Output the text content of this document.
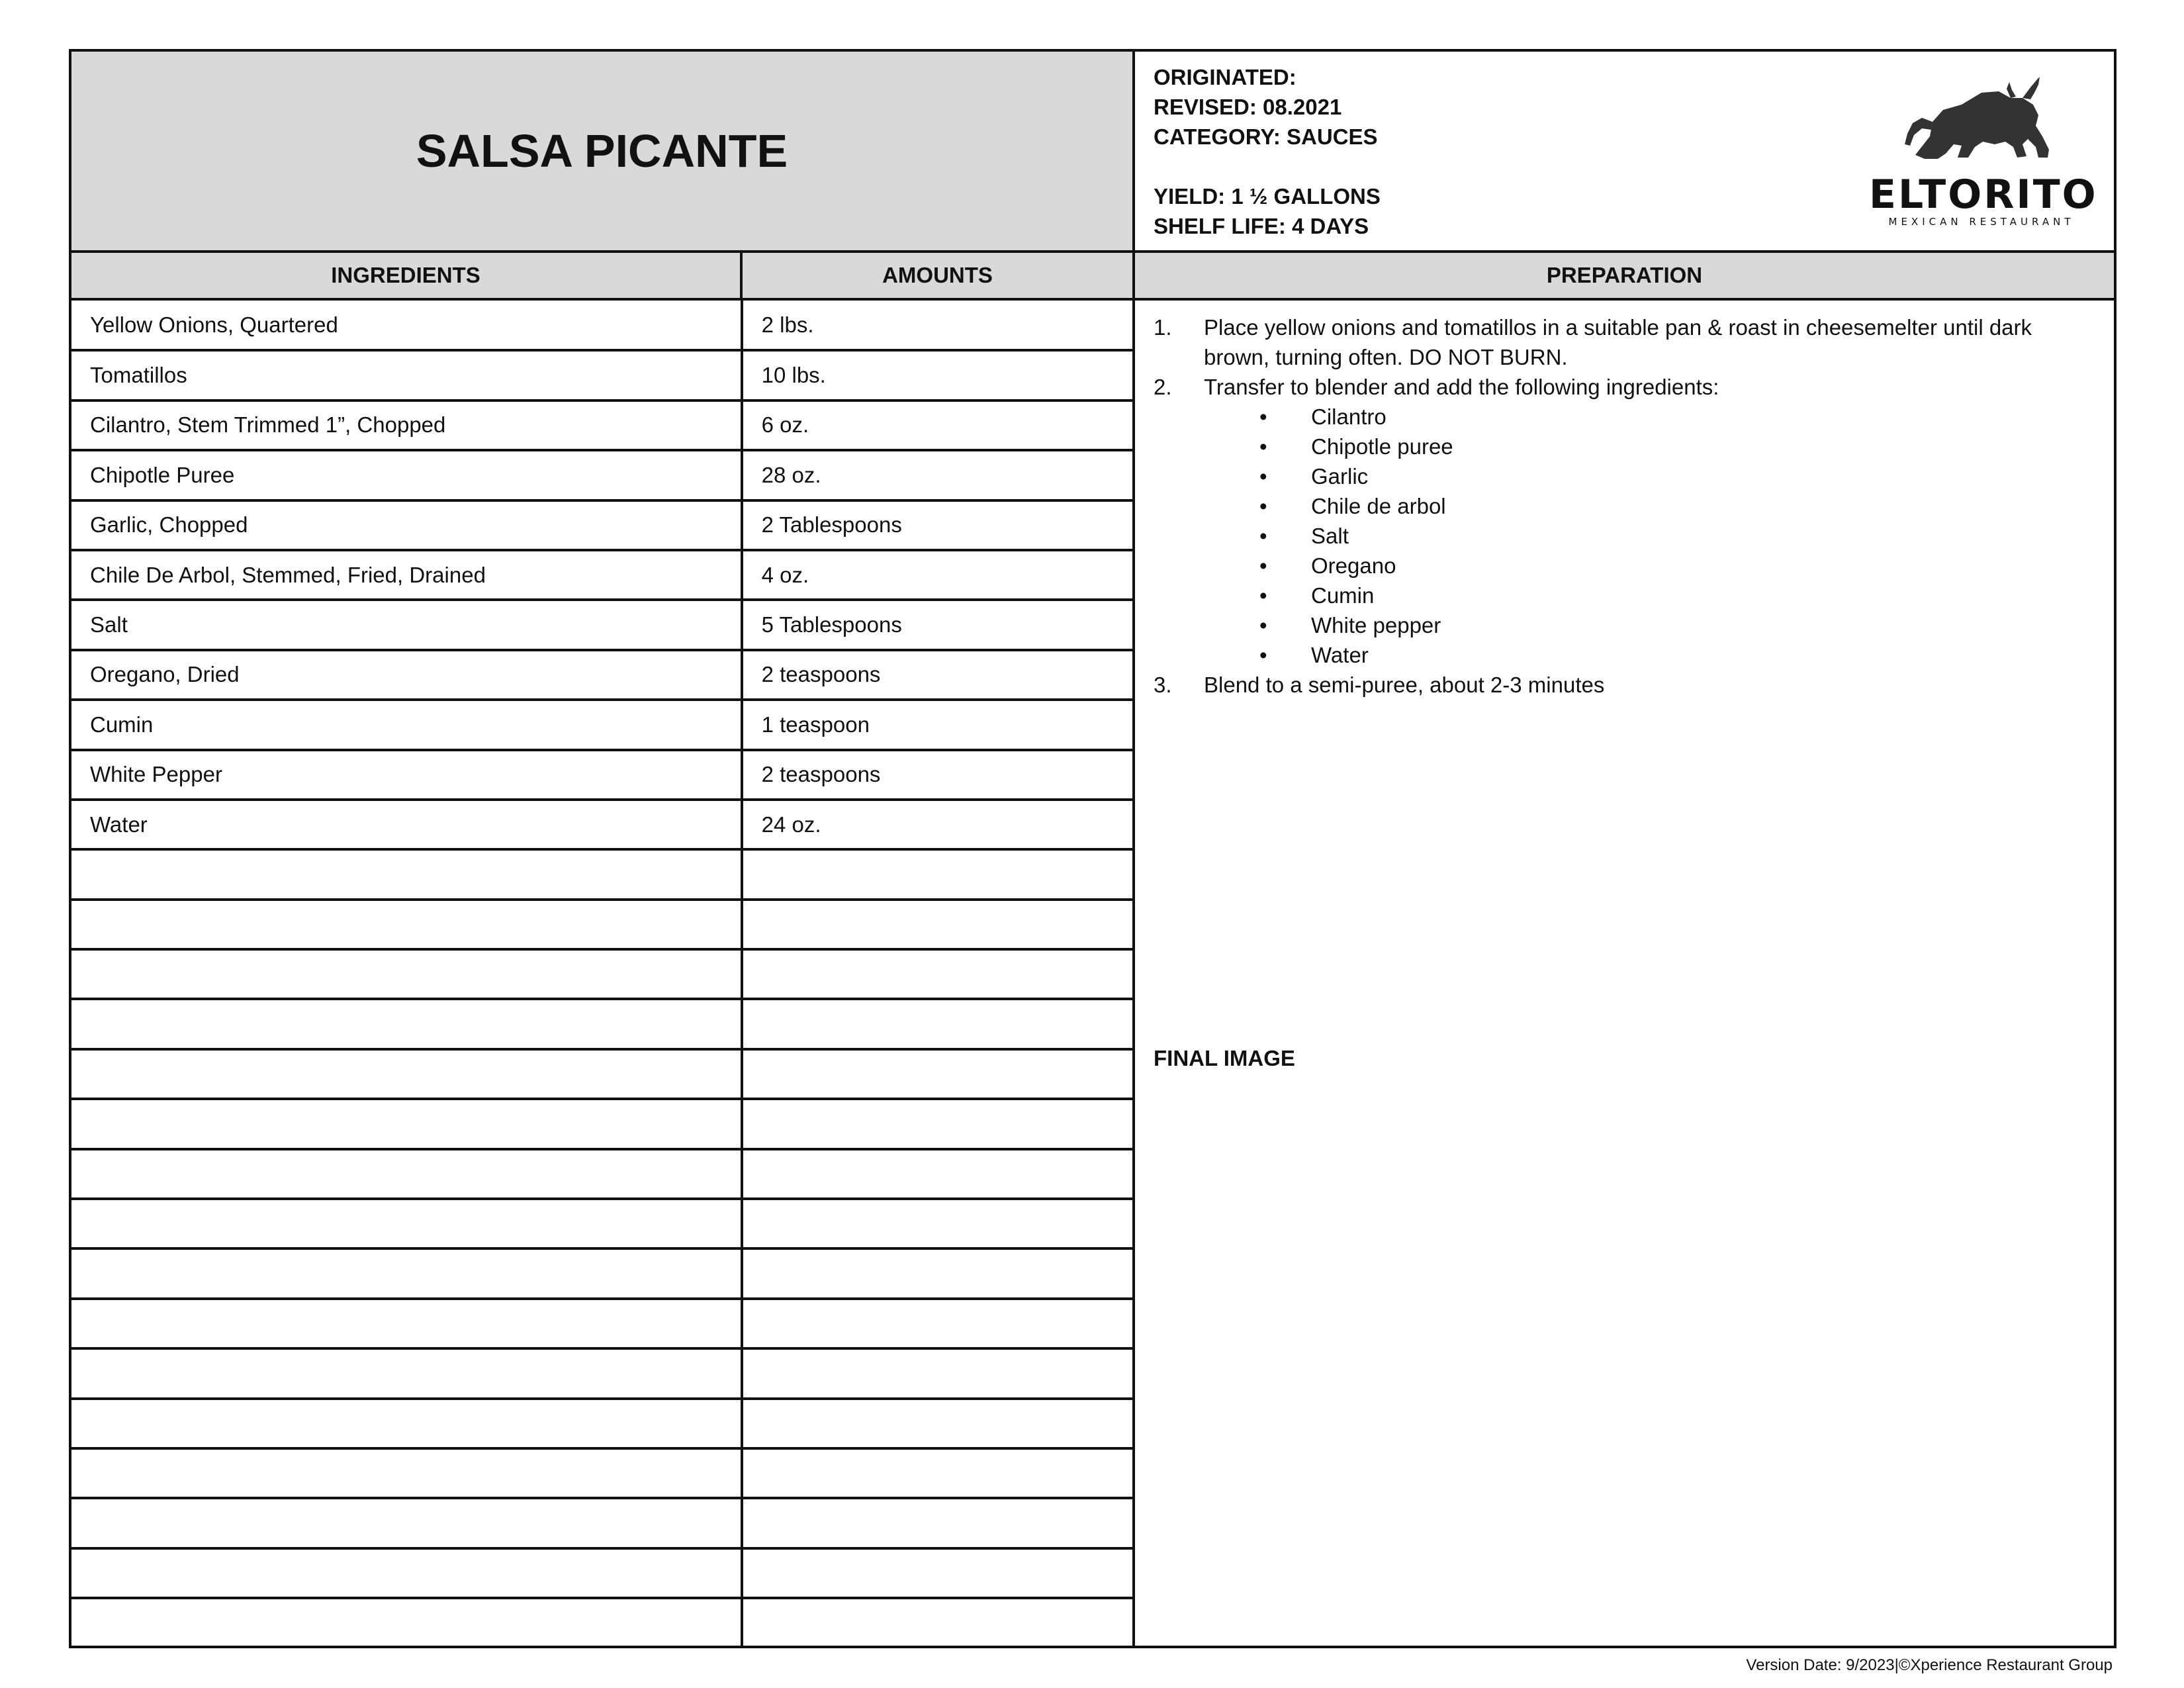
SALSA PICANTE
ORIGINATED:
REVISED: 08.2021
CATEGORY: SAUCES
YIELD: 1 ½ GALLONS
SHELF LIFE: 4 DAYS
ELTORITO
MEXICAN RESTAURANT
INGREDIENTS	AMOUNTS	PREPARATION
Yellow Onions, Quartered	2 lbs.
Tomatillos	10 lbs.
Cilantro, Stem Trimmed 1”, Chopped	6 oz.
Chipotle Puree	28 oz.
Garlic, Chopped	2 Tablespoons
Chile De Arbol, Stemmed, Fried, Drained	4 oz.
Salt	5 Tablespoons
Oregano, Dried	2 teaspoons
Cumin	1 teaspoon
White Pepper	2 teaspoons
Water	24 oz.

1. Place yellow onions and tomatillos in a suitable pan & roast in cheesemelter until dark brown, turning often. DO NOT BURN.
2. Transfer to blender and add the following ingredients:
• Cilantro
• Chipotle puree
• Garlic
• Chile de arbol
• Salt
• Oregano
• Cumin
• White pepper
• Water
3. Blend to a semi-puree, about 2-3 minutes
FINAL IMAGE
Version Date: 9/2023|©Xperience Restaurant Group
